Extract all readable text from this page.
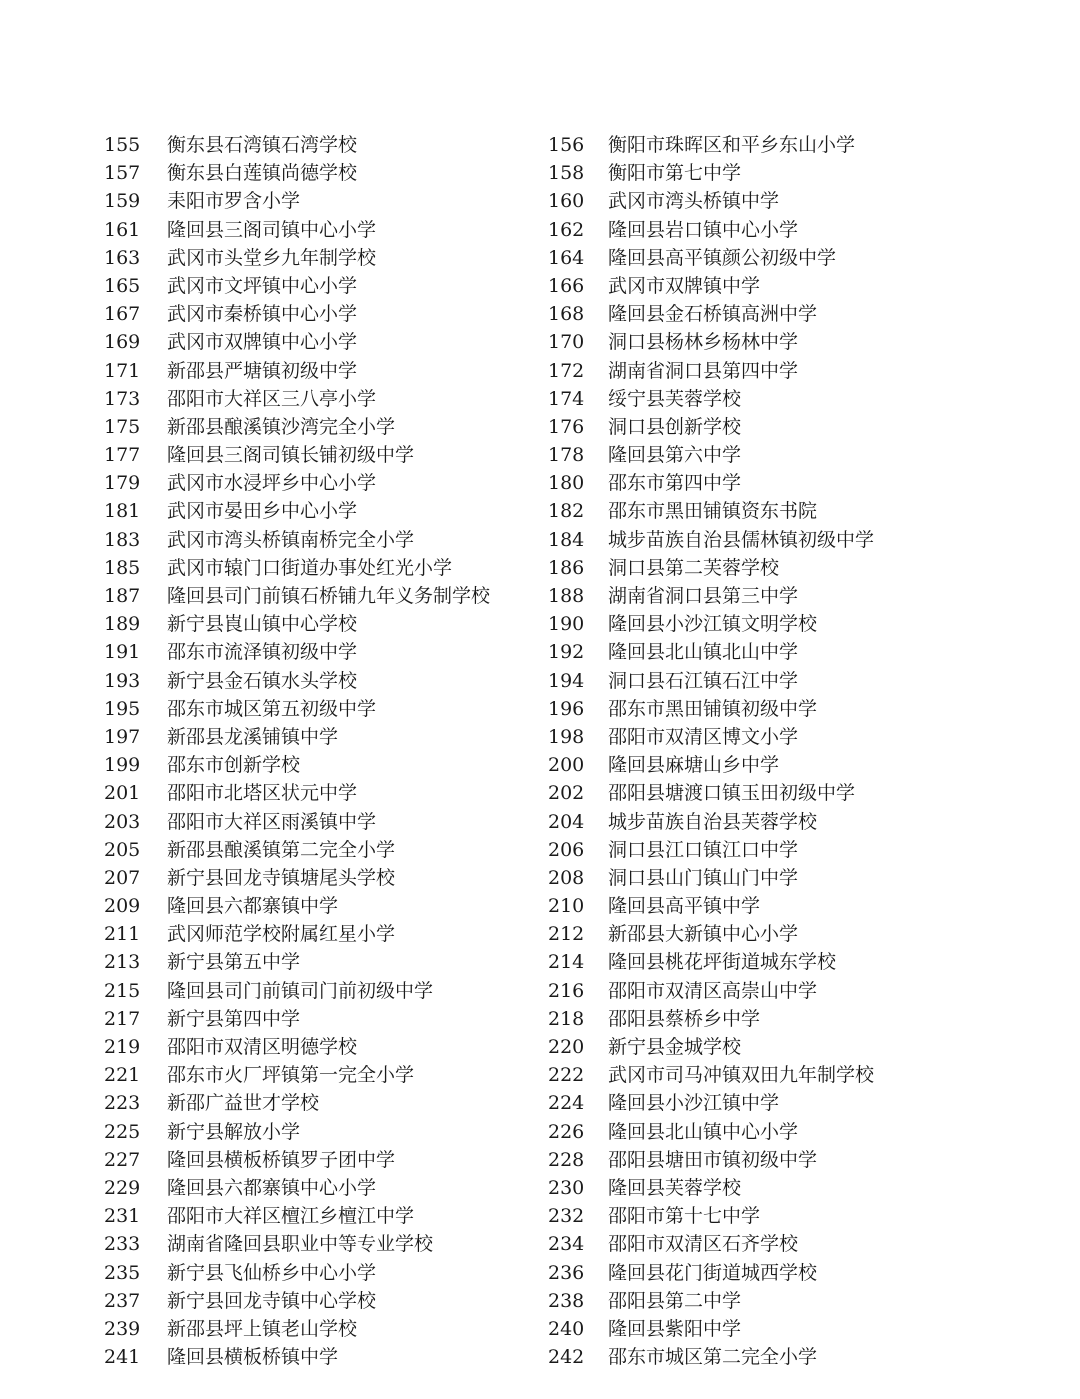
155	衡东县石湾镇石湾学校	156	衡阳市珠晖区和平乡东山小学
157	衡东县白莲镇尚德学校	158	衡阳市第七中学
159	耒阳市罗含小学	160	武冈市湾头桥镇中学
161	隆回县三阁司镇中心小学	162	隆回县岩口镇中心小学
163	武冈市头堂乡九年制学校	164	隆回县高平镇颜公初级中学
165	武冈市文坪镇中心小学	166	武冈市双牌镇中学
167	武冈市秦桥镇中心小学	168	隆回县金石桥镇高洲中学
169	武冈市双牌镇中心小学	170	洞口县杨林乡杨林中学
171	新邵县严塘镇初级中学	172	湖南省洞口县第四中学
173	邵阳市大祥区三八亭小学	174	绥宁县芙蓉学校
175	新邵县酿溪镇沙湾完全小学	176	洞口县创新学校
177	隆回县三阁司镇长铺初级中学	178	隆回县第六中学
179	武冈市水浸坪乡中心小学	180	邵东市第四中学
181	武冈市晏田乡中心小学	182	邵东市黑田铺镇资东书院
183	武冈市湾头桥镇南桥完全小学	184	城步苗族自治县儒林镇初级中学
185	武冈市辕门口街道办事处红光小学	186	洞口县第二芙蓉学校
187	隆回县司门前镇石桥铺九年义务制学校	188	湖南省洞口县第三中学
189	新宁县崀山镇中心学校	190	隆回县小沙江镇文明学校
191	邵东市流泽镇初级中学	192	隆回县北山镇北山中学
193	新宁县金石镇水头学校	194	洞口县石江镇石江中学
195	邵东市城区第五初级中学	196	邵东市黑田铺镇初级中学
197	新邵县龙溪铺镇中学	198	邵阳市双清区博文小学
199	邵东市创新学校	200	隆回县麻塘山乡中学
201	邵阳市北塔区状元中学	202	邵阳县塘渡口镇玉田初级中学
203	邵阳市大祥区雨溪镇中学	204	城步苗族自治县芙蓉学校
205	新邵县酿溪镇第二完全小学	206	洞口县江口镇江口中学
207	新宁县回龙寺镇塘尾头学校	208	洞口县山门镇山门中学
209	隆回县六都寨镇中学	210	隆回县高平镇中学
211	武冈师范学校附属红星小学	212	新邵县大新镇中心小学
213	新宁县第五中学	214	隆回县桃花坪街道城东学校
215	隆回县司门前镇司门前初级中学	216	邵阳市双清区高崇山中学
217	新宁县第四中学	218	邵阳县蔡桥乡中学
219	邵阳市双清区明德学校	220	新宁县金城学校
221	邵东市火厂坪镇第一完全小学	222	武冈市司马冲镇双田九年制学校
223	新邵广益世才学校	224	隆回县小沙江镇中学
225	新宁县解放小学	226	隆回县北山镇中心小学
227	隆回县横板桥镇罗子团中学	228	邵阳县塘田市镇初级中学
229	隆回县六都寨镇中心小学	230	隆回县芙蓉学校
231	邵阳市大祥区檀江乡檀江中学	232	邵阳市第十七中学
233	湖南省隆回县职业中等专业学校	234	邵阳市双清区石齐学校
235	新宁县飞仙桥乡中心小学	236	隆回县花门街道城西学校
237	新宁县回龙寺镇中心学校	238	邵阳县第二中学
239	新邵县坪上镇老山学校	240	隆回县紫阳中学
241	隆回县横板桥镇中学	242	邵东市城区第二完全小学
